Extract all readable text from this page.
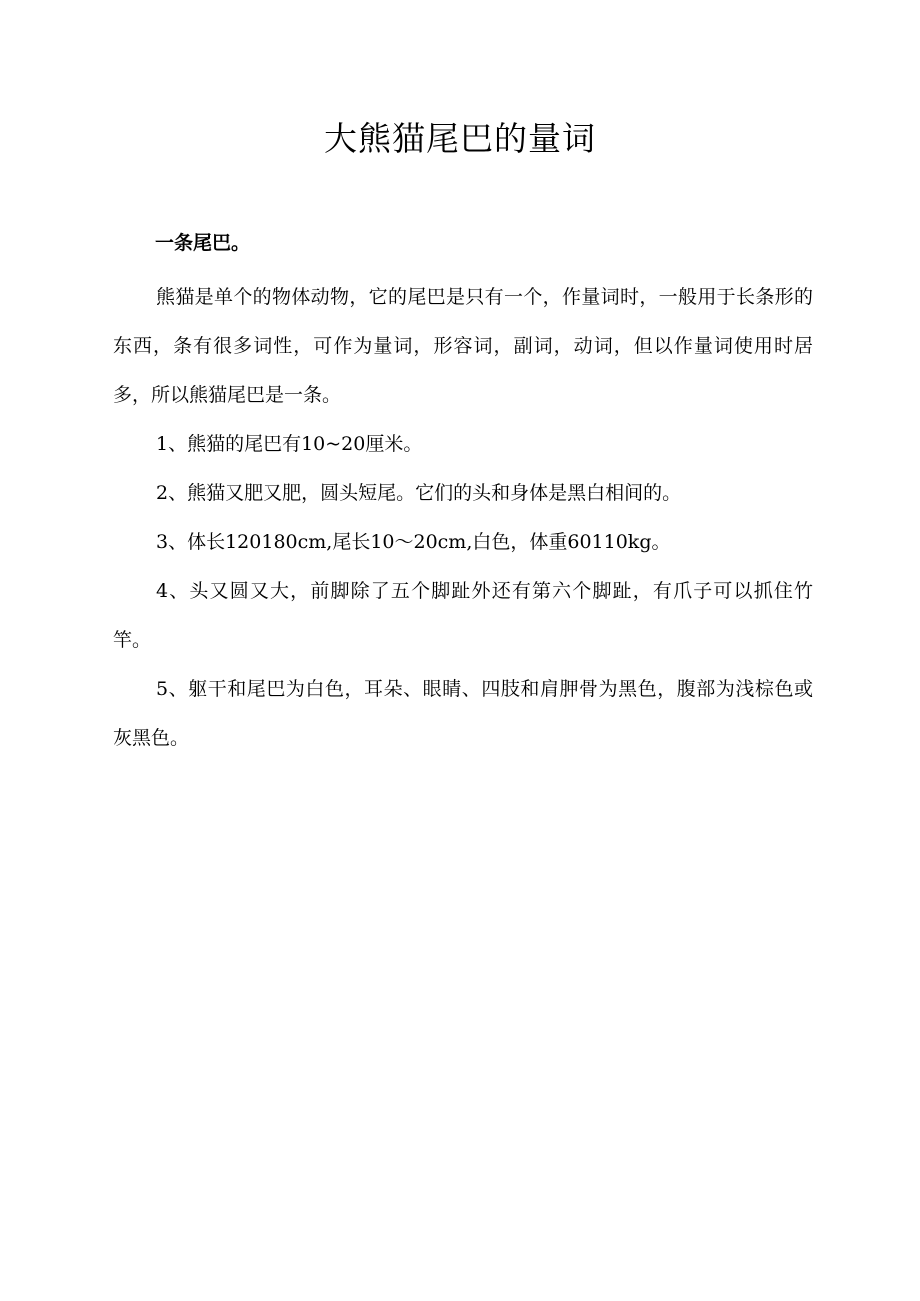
大熊猫尾巴的量词

一条尾巴。

熊猫是单个的物体动物，它的尾巴是只有一个，作量词时，一般用于长条形的东西，条有很多词性，可作为量词，形容词，副词，动词，但以作量词使用时居多，所以熊猫尾巴是一条。

1、熊猫的尾巴有10~20厘米。

2、熊猫又肥又肥，圆头短尾。它们的头和身体是黑白相间的。

3、体长120180cm,尾长10～20cm,白色，体重60110kg。

4、头又圆又大，前脚除了五个脚趾外还有第六个脚趾，有爪子可以抓住竹竿。

5、躯干和尾巴为白色，耳朵、眼睛、四肢和肩胛骨为黑色，腹部为浅棕色或灰黑色。
